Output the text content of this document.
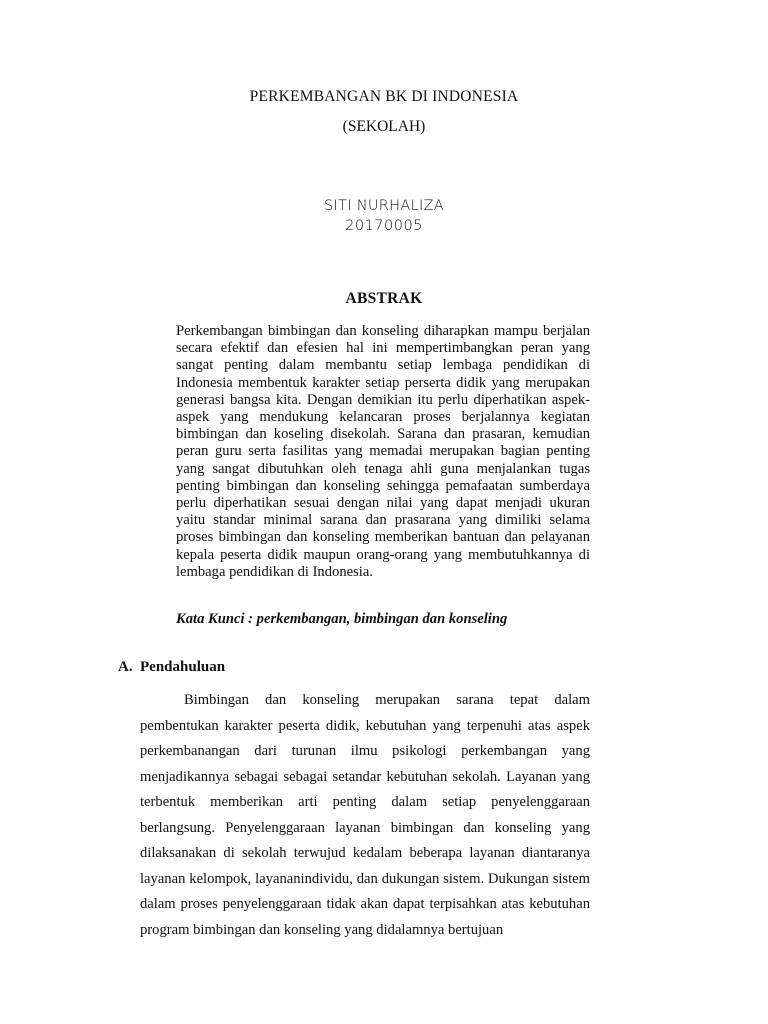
PERKEMBANGAN BK DI INDONESIA
(SEKOLAH)
SITI NURHALIZA
20170005
ABSTRAK
Perkembangan bimbingan dan konseling diharapkan mampu berjalan secara efektif dan efesien hal ini mempertimbangkan peran yang sangat penting dalam membantu setiap lembaga pendidikan di Indonesia membentuk karakter setiap perserta didik yang merupakan generasi bangsa kita. Dengan demikian itu perlu diperhatikan aspek-aspek yang mendukung kelancaran proses berjalannya kegiatan bimbingan dan koseling disekolah. Sarana dan prasaran, kemudian peran guru serta fasilitas yang memadai merupakan bagian penting yang sangat dibutuhkan oleh tenaga ahli guna menjalankan tugas penting bimbingan dan konseling sehingga pemafaatan sumberdaya perlu diperhatikan sesuai dengan nilai yang dapat menjadi ukuran yaitu standar minimal sarana dan prasarana yang dimiliki selama proses bimbingan dan konseling memberikan bantuan dan pelayanan kepala peserta didik maupun orang-orang yang membutuhkannya di lembaga pendidikan di Indonesia.
Kata Kunci : perkembangan, bimbingan dan konseling
A. Pendahuluan
Bimbingan dan konseling merupakan sarana tepat dalam pembentukan karakter peserta didik, kebutuhan yang terpenuhi atas aspek perkembanangan dari turunan ilmu psikologi perkembangan yang menjadikannya sebagai sebagai setandar kebutuhan sekolah. Layanan yang terbentuk memberikan arti penting dalam setiap penyelenggaraan berlangsung. Penyelenggaraan layanan bimbingan dan konseling yang dilaksanakan di sekolah terwujud kedalam beberapa layanan diantaranya layanan kelompok, layananindividu, dan dukungan sistem. Dukungan sistem dalam proses penyelenggaraan tidak akan dapat terpisahkan atas kebutuhan program bimbingan dan konseling yang didalamnya bertujuan
